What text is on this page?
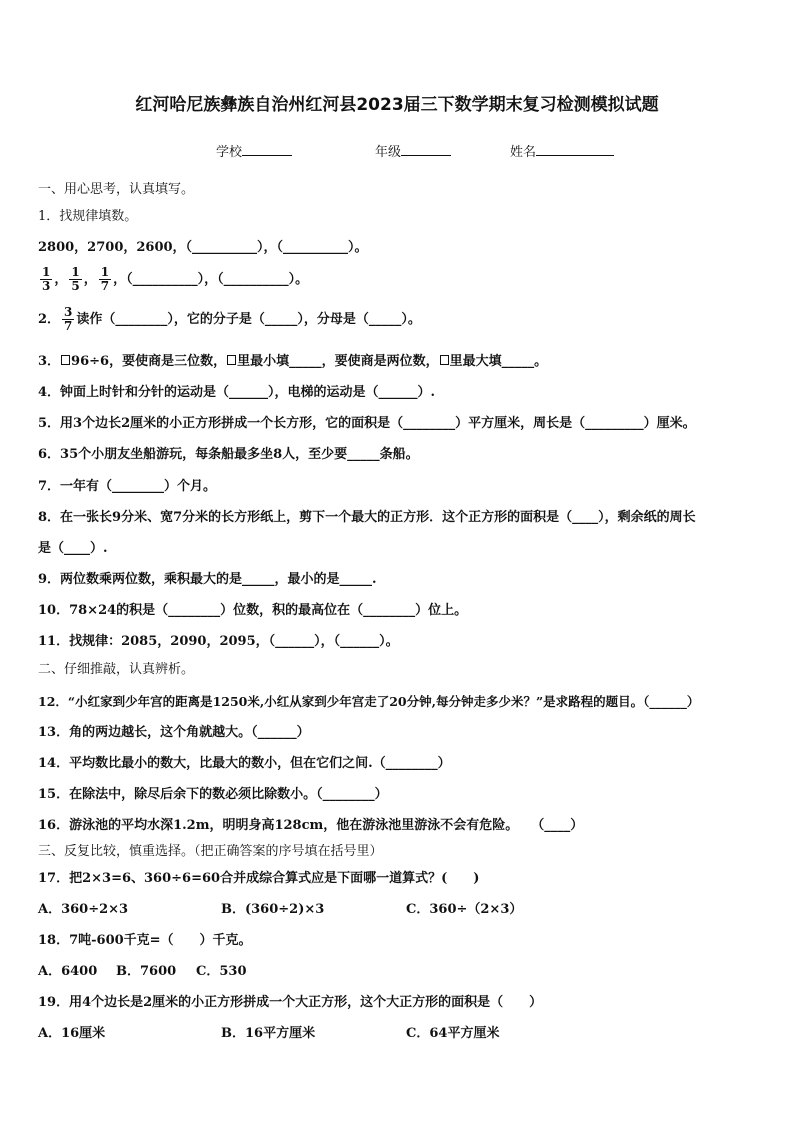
红河哈尼族彝族自治州红河县2023届三下数学期末复习检测模拟试题
学校	年级	姓名
一、用心思考，认真填写。
1．找规律填数。
2800，2700，2600，（__________），（__________）。
$\frac{1}{3}$ ， $\frac{1}{5}$ ， $\frac{1}{7}$ ，（__________），（__________）。
2． $\frac{3}{7}$ 读作（________），它的分子是（_____），分母是（_____）。
3． 96÷6，要使商是三位数， 里最小填_____，要使商是两位数， 里最大填_____。
4．钟面上时针和分针的运动是（______），电梯的运动是（______）.
5．用3个边长2厘米的小正方形拼成一个长方形，它的面积是（________）平方厘米，周长是（_________）厘米。
6．35个小朋友坐船游玩，每条船最多坐8人，至少要_____条船。
7．一年有（________）个月。
8．在一张长9分米、宽7分米的长方形纸上，剪下一个最大的正方形．这个正方形的面积是（____），剩余纸的周长
是（____）.
9．两位数乘两位数，乘积最大的是_____，最小的是_____.
10．78×24的积是（________）位数，积的最高位在（________）位上。
11．找规律：2085，2090，2095，（______），（______）。
二、仔细推敲，认真辨析。
12．“小红家到少年宫的距离是1250米,小红从家到少年宫走了20分钟,每分钟走多少米？”是求路程的题目。（______）
13．角的两边越长，这个角就越大。（______）
14．平均数比最小的数大，比最大的数小，但在它们之间.（________）
15．在除法中，除尽后余下的数必须比除数小。（________）
16．游泳池的平均水深1.2m，明明身高128cm，他在游泳池里游泳不会有危险。　　（____）
三、反复比较，慎重选择。（把正确答案的序号填在括号里）
17．把2×3=6、360÷6=60合并成综合算式应是下面哪一道算式？(　　)
A．360÷2×3	B．(360÷2)×3	C．360÷（2×3）
18．7吨-600千克=（　　）千克。
A．6400 B．7600 C．530
19．用4个边长是2厘米的小正方形拼成一个大正方形，这个大正方形的面积是（　　）
A．16厘米	B．16平方厘米	C．64平方厘米
